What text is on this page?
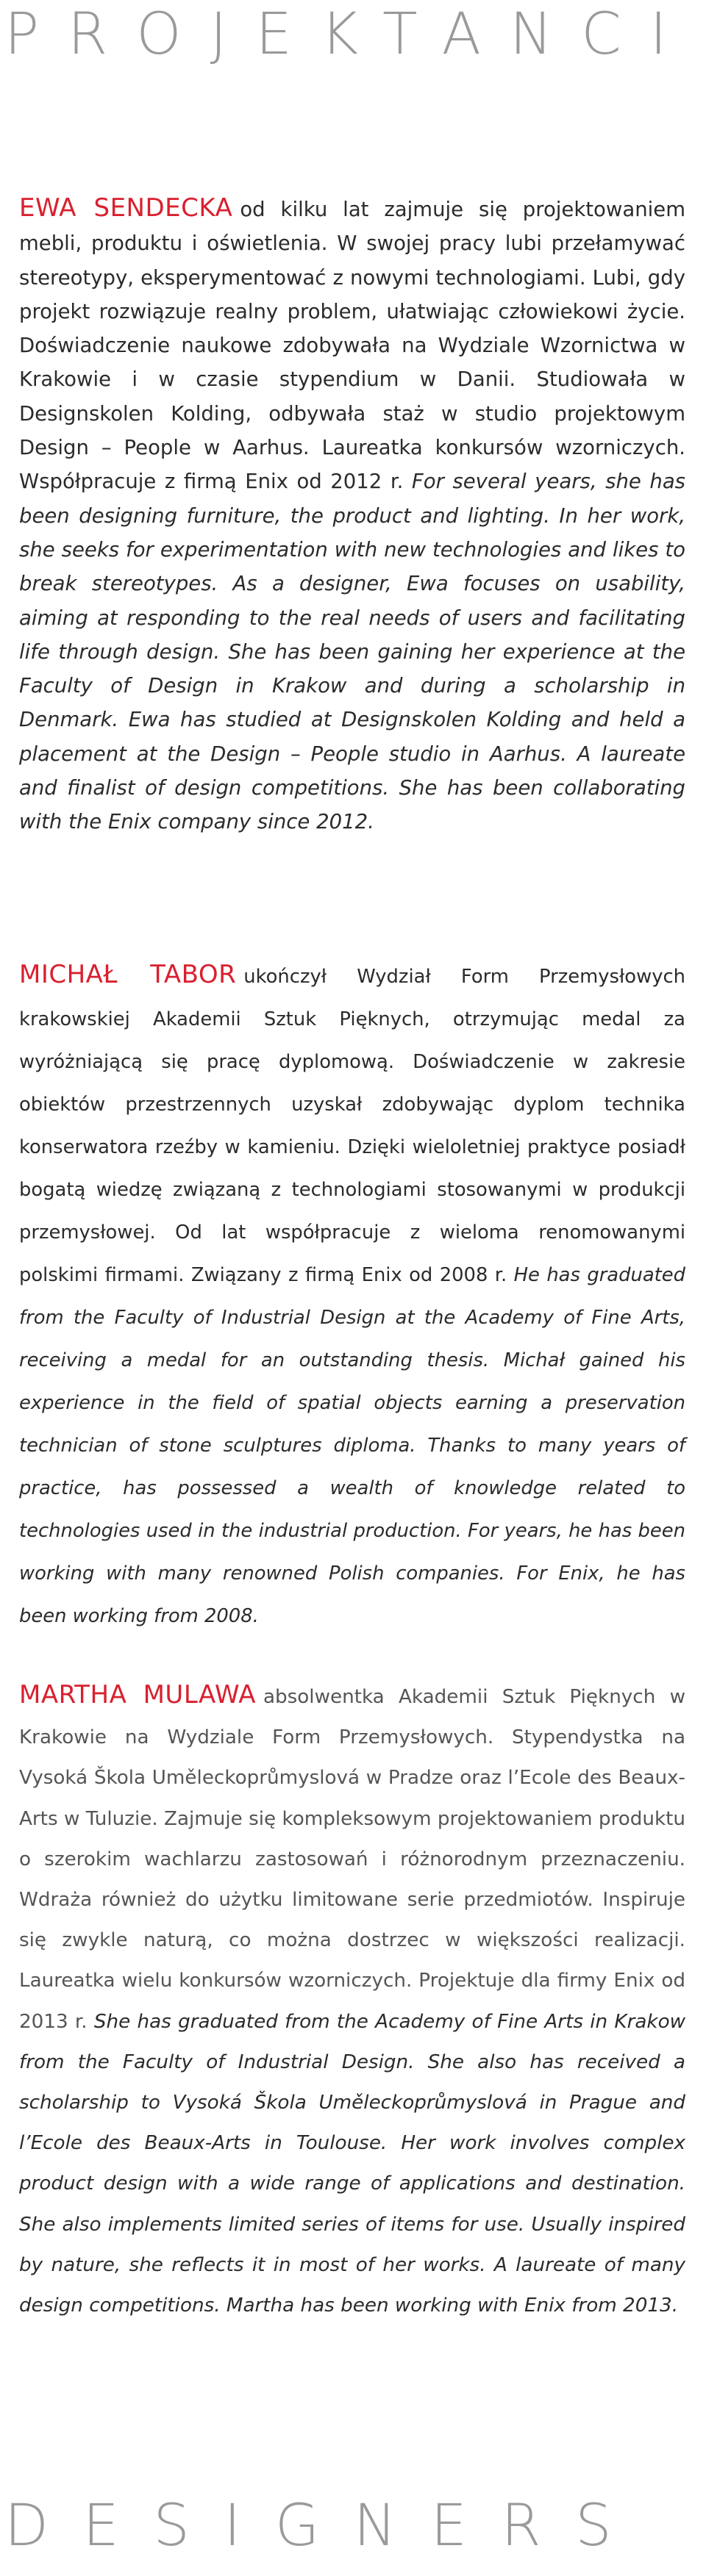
PROJEKTANCI

EWA SENDECKA od kilku lat zajmuje się projektowaniem mebli, produktu i oświetlenia. W swojej pracy lubi przełamywać stereotypy, eksperymentować z nowymi technologiami. Lubi, gdy projekt rozwiązuje realny problem, ułatwiając człowiekowi życie. Doświadczenie naukowe zdobywała na Wydziale Wzornictwa w Krakowie i w czasie stypendium w Danii. Studiowała w Designskolen Kolding, odbywała staż w studio projektowym Design – People w Aarhus. Laureatka konkursów wzorniczych. Współpracuje z firmą Enix od 2012 r. For several years, she has been designing furniture, the product and lighting. In her work, she seeks for experimentation with new technologies and likes to break stereotypes. As a designer, Ewa focuses on usability, aiming at responding to the real needs of users and facilitating life through design. She has been gaining her experience at the Faculty of Design in Krakow and during a scholarship in Denmark. Ewa has studied at Designskolen Kolding and held a placement at the Design – People studio in Aarhus. A laureate and finalist of design competitions. She has been collaborating with the Enix company since 2012.

MICHAŁ TABOR ukończył Wydział Form Przemysłowych krakowskiej Akademii Sztuk Pięknych, otrzymując medal za wyróżniającą się pracę dyplomową. Doświadczenie w zakresie obiektów przestrzennych uzyskał zdobywając dyplom technika konserwatora rzeźby w kamieniu. Dzięki wieloletniej praktyce posiadł bogatą wiedzę związaną z technologiami stosowanymi w produkcji przemysłowej. Od lat współpracuje z wieloma renomowanymi polskimi firmami. Związany z firmą Enix od 2008 r. He has graduated from the Faculty of Industrial Design at the Academy of Fine Arts, receiving a medal for an outstanding thesis. Michał gained his experience in the field of spatial objects earning a preservation technician of stone sculptures diploma. Thanks to many years of practice, has possessed a wealth of knowledge related to technologies used in the industrial production. For years, he has been working with many renowned Polish companies. For Enix, he has been working from 2008.

MARTHA MULAWA absolwentka Akademii Sztuk Pięknych w Krakowie na Wydziale Form Przemysłowych. Stypendystka na Vysoká Škola Uměleckoprůmyslová w Pradze oraz l’Ecole des Beaux-Arts w Tuluzie. Zajmuje się kompleksowym projektowaniem produktu o szerokim wachlarzu zastosowań i różnorodnym przeznaczeniu. Wdraża również do użytku limitowane serie przedmiotów. Inspiruje się zwykle naturą, co można dostrzec w większości realizacji. Laureatka wielu konkursów wzorniczych. Projektuje dla firmy Enix od 2013 r. She has graduated from the Academy of Fine Arts in Krakow from the Faculty of Industrial Design. She also has received a scholarship to Vysoká Škola Uměleckoprůmyslová in Prague and l’Ecole des Beaux-Arts in Toulouse. Her work involves complex product design with a wide range of applications and destination. She also implements limited series of items for use. Usually inspired by nature, she reflects it in most of her works. A laureate of many design competitions. Martha has been working with Enix from 2013.

DESIGNERS
